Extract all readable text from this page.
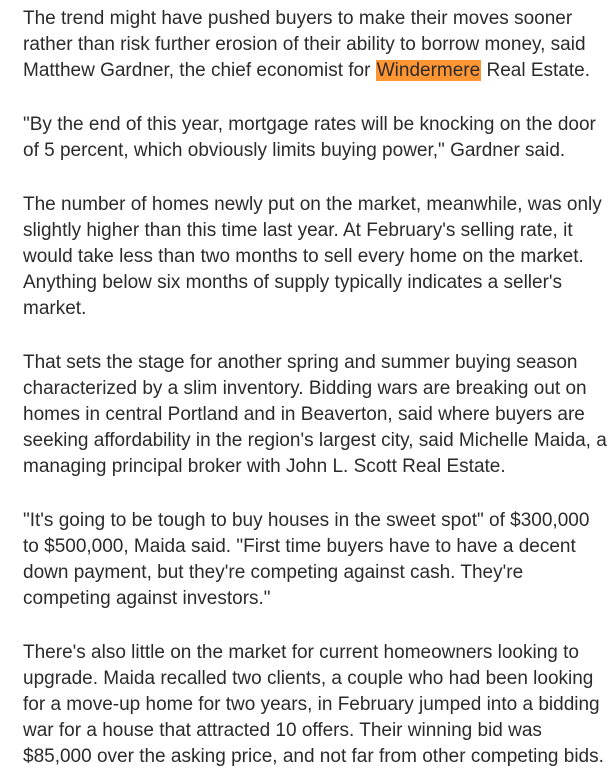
The trend might have pushed buyers to make their moves sooner
rather than risk further erosion of their ability to borrow money, said
Matthew Gardner, the chief economist for Windermere Real Estate.

"By the end of this year, mortgage rates will be knocking on the door
of 5 percent, which obviously limits buying power," Gardner said.

The number of homes newly put on the market, meanwhile, was only
slightly higher than this time last year. At February's selling rate, it
would take less than two months to sell every home on the market.
Anything below six months of supply typically indicates a seller's
market.

That sets the stage for another spring and summer buying season
characterized by a slim inventory. Bidding wars are breaking out on
homes in central Portland and in Beaverton, said where buyers are
seeking affordability in the region's largest city, said Michelle Maida, a
managing principal broker with John L. Scott Real Estate.

"It's going to be tough to buy houses in the sweet spot" of $300,000
to $500,000, Maida said. "First time buyers have to have a decent
down payment, but they're competing against cash. They're
competing against investors."

There's also little on the market for current homeowners looking to
upgrade. Maida recalled two clients, a couple who had been looking
for a move-up home for two years, in February jumped into a bidding
war for a house that attracted 10 offers. Their winning bid was
$85,000 over the asking price, and not far from other competing bids.
